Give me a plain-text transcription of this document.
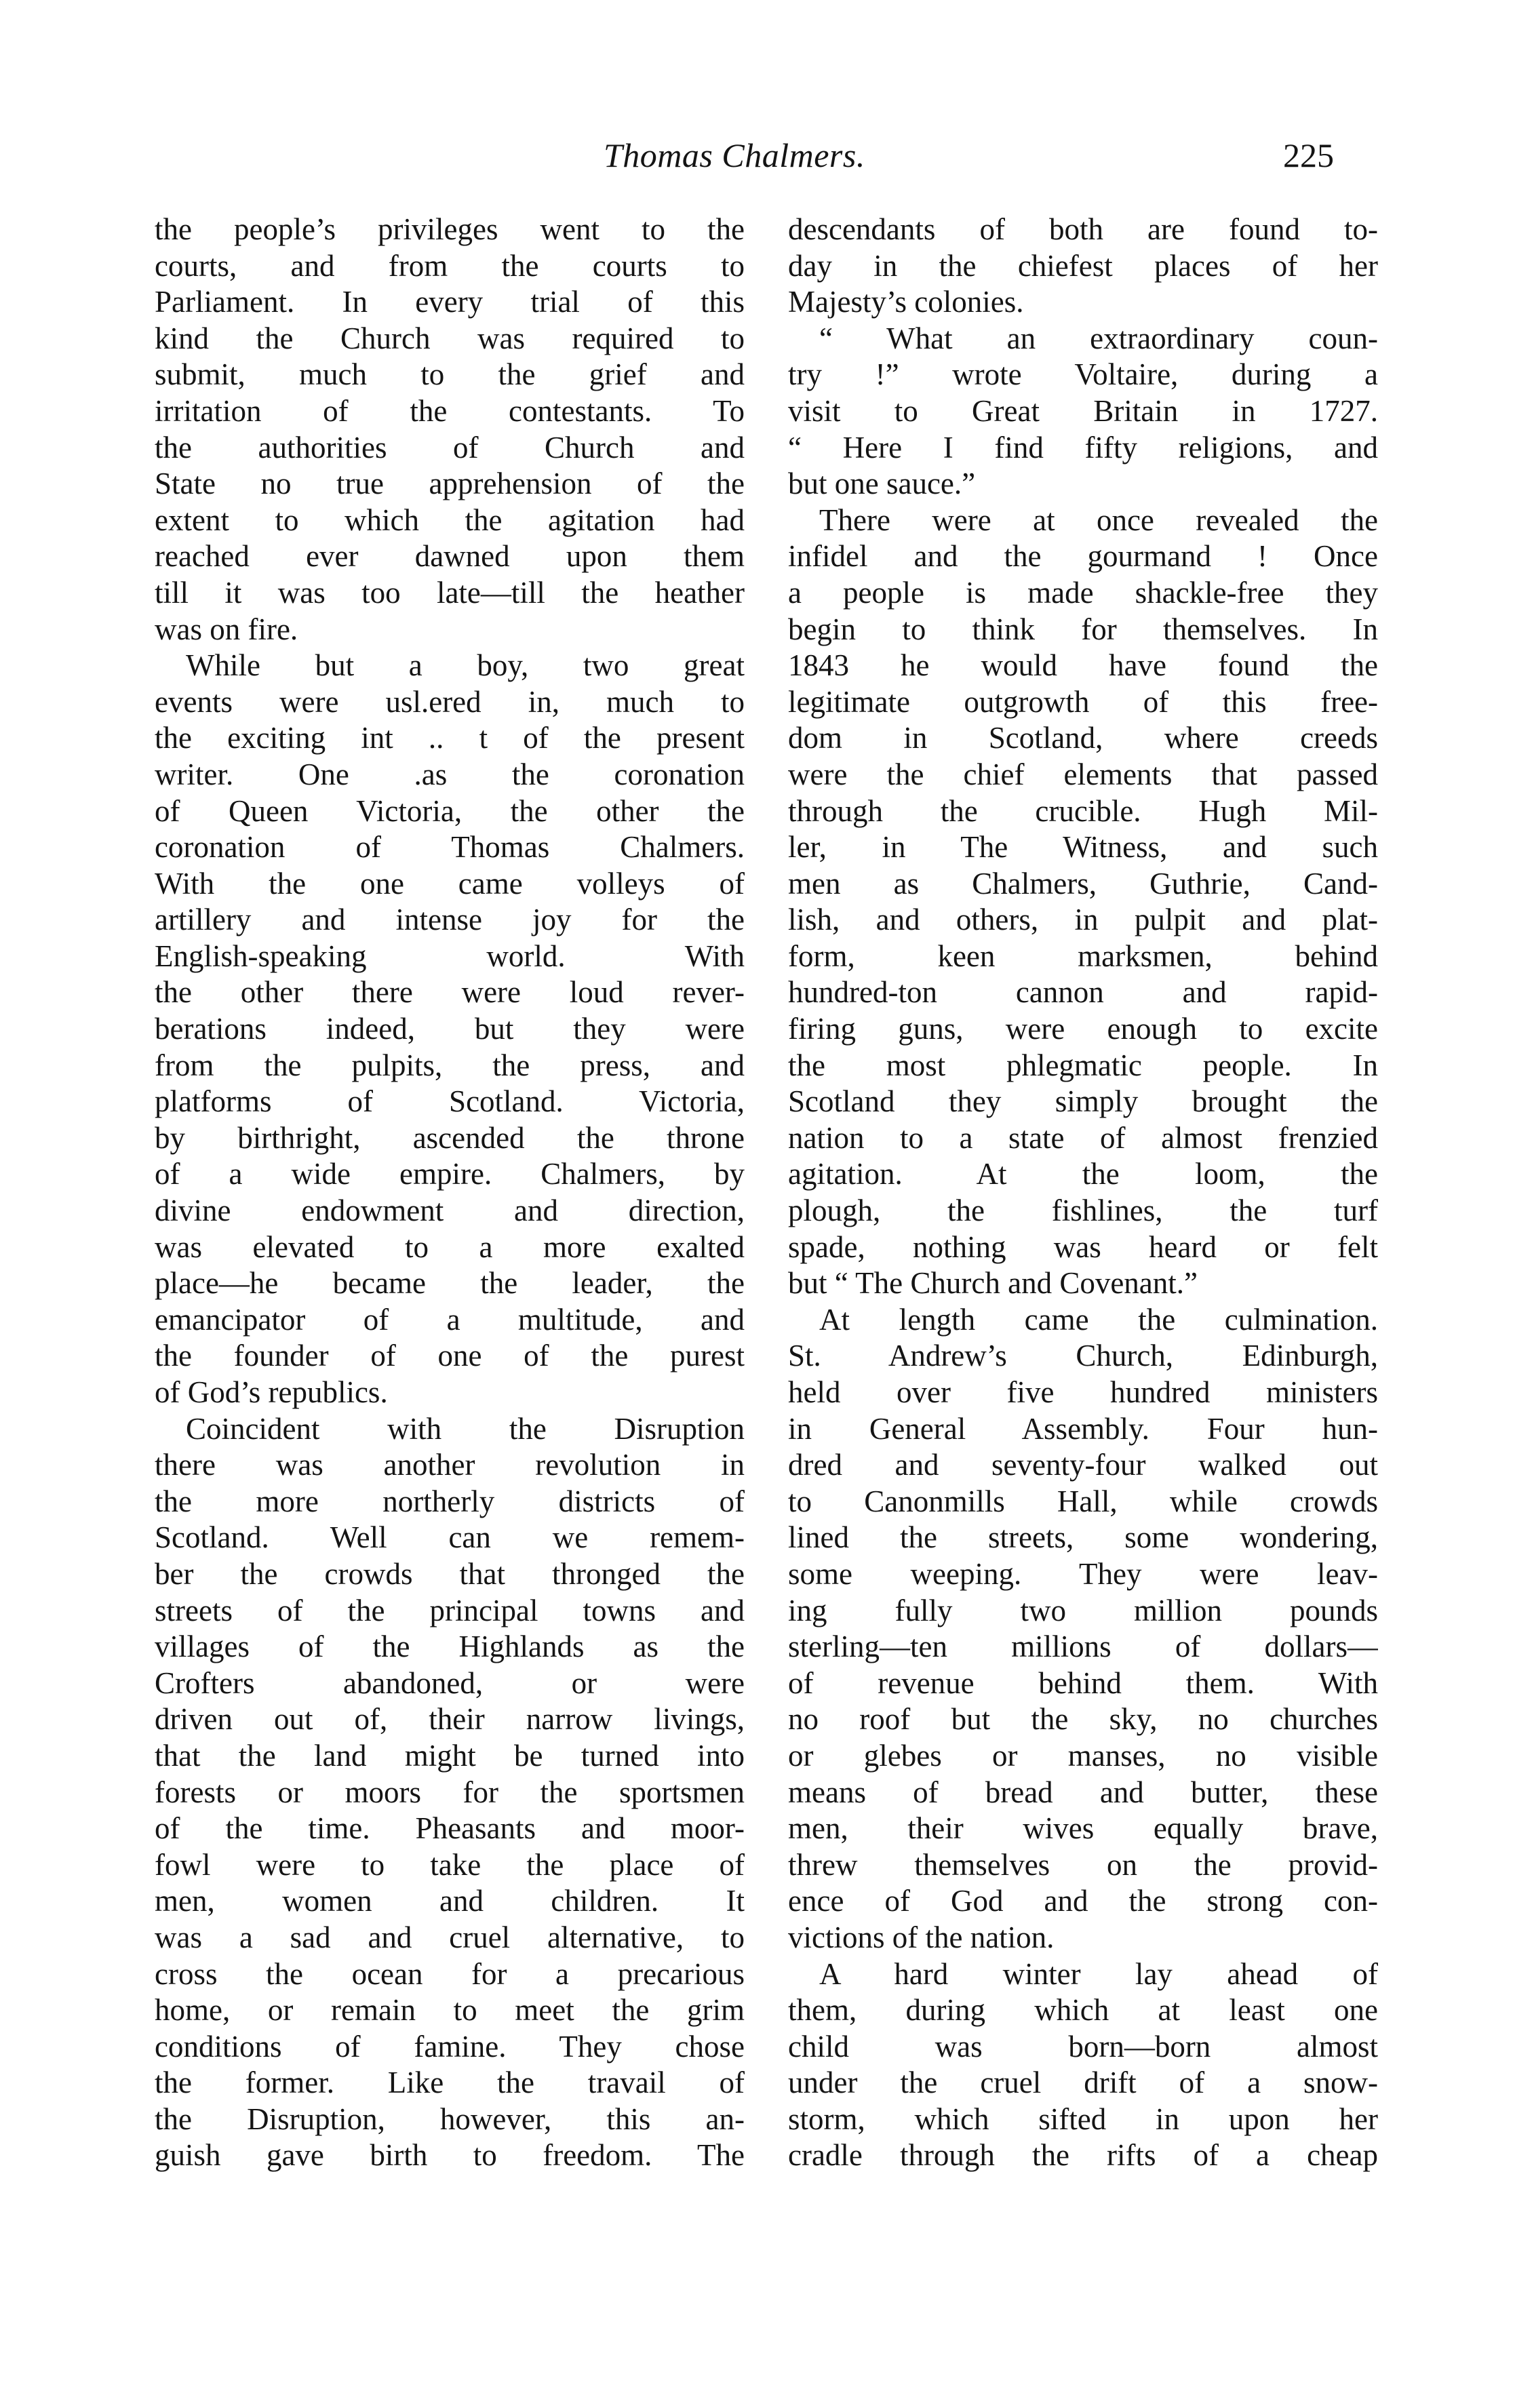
Thomas Chalmers.	225
the people’s privileges went to the
courts, and from the courts to
Parliament. In every trial of this
kind the Church was required to
submit, much to the grief and
irritation of the contestants. To
the authorities of Church and
State no true apprehension of the
extent to which the agitation had
reached ever dawned upon them
till it was too late—till the heather
was on fire.
While but a boy, two great
events were usl.ered in, much to
the exciting int .. t of the present
writer. One .as the coronation
of Queen Victoria, the other the
coronation of Thomas Chalmers.
With the one came volleys of
artillery and intense joy for the
English-speaking world. With
the other there were loud rever-
berations indeed, but they were
from the pulpits, the press, and
platforms of Scotland. Victoria,
by birthright, ascended the throne
of a wide empire. Chalmers, by
divine endowment and direction,
was elevated to a more exalted
place—he became the leader, the
emancipator of a multitude, and
the founder of one of the purest
of God’s republics.
Coincident with the Disruption
there was another revolution in
the more northerly districts of
Scotland. Well can we remem-
ber the crowds that thronged the
streets of the principal towns and
villages of the Highlands as the
Crofters abandoned, or were
driven out of, their narrow livings,
that the land might be turned into
forests or moors for the sportsmen
of the time. Pheasants and moor-
fowl were to take the place of
men, women and children. It
was a sad and cruel alternative, to
cross the ocean for a precarious
home, or remain to meet the grim
conditions of famine. They chose
the former. Like the travail of
the Disruption, however, this an-
guish gave birth to freedom. The
descendants of both are found to-
day in the chiefest places of her
Majesty’s colonies.
“ What an extraordinary coun-
try !” wrote Voltaire, during a
visit to Great Britain in 1727.
“ Here I find fifty religions, and
but one sauce.”
There were at once revealed the
infidel and the gourmand ! Once
a people is made shackle-free they
begin to think for themselves. In
1843 he would have found the
legitimate outgrowth of this free-
dom in Scotland, where creeds
were the chief elements that passed
through the crucible. Hugh Mil-
ler, in The Witness, and such
men as Chalmers, Guthrie, Cand-
lish, and others, in pulpit and plat-
form, keen marksmen, behind
hundred-ton cannon and rapid-
firing guns, were enough to excite
the most phlegmatic people. In
Scotland they simply brought the
nation to a state of almost frenzied
agitation. At the loom, the
plough, the fishlines, the turf
spade, nothing was heard or felt
but “ The Church and Covenant.”
At length came the culmination.
St. Andrew’s Church, Edinburgh,
held over five hundred ministers
in General Assembly. Four hun-
dred and seventy-four walked out
to Canonmills Hall, while crowds
lined the streets, some wondering,
some weeping. They were leav-
ing fully two million pounds
sterling—ten millions of dollars—
of revenue behind them. With
no roof but the sky, no churches
or glebes or manses, no visible
means of bread and butter, these
men, their wives equally brave,
threw themselves on the provid-
ence of God and the strong con-
victions of the nation.
A hard winter lay ahead of
them, during which at least one
child was born—born almost
under the cruel drift of a snow-
storm, which sifted in upon her
cradle through the rifts of a cheap
